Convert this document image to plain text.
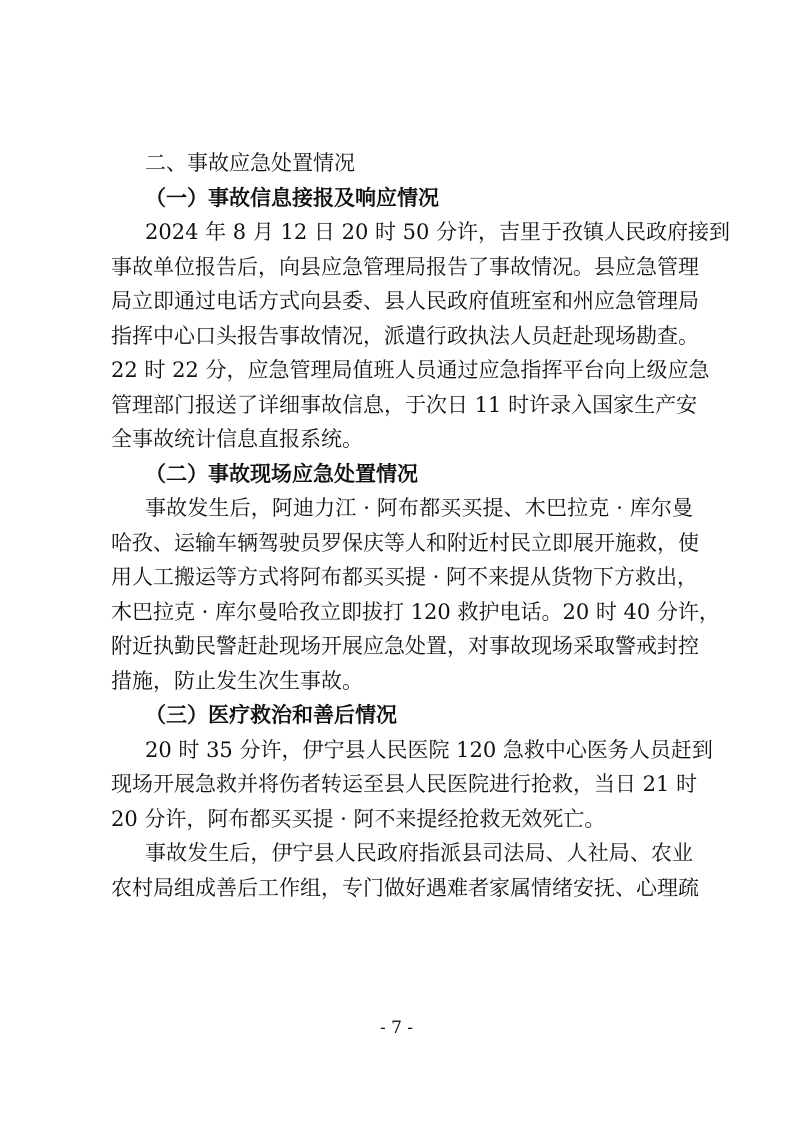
二、事故应急处置情况

（一）事故信息接报及响应情况

2024 年 8 月 12 日 20 时 50 分许，吉里于孜镇人民政府接到

事故单位报告后，向县应急管理局报告了事故情况。县应急管理

局立即通过电话方式向县委、县人民政府值班室和州应急管理局

指挥中心口头报告事故情况，派遣行政执法人员赶赴现场勘查。

22 时 22 分，应急管理局值班人员通过应急指挥平台向上级应急

管理部门报送了详细事故信息，于次日 11 时许录入国家生产安

全事故统计信息直报系统。

（二）事故现场应急处置情况

事故发生后，阿迪力江 · 阿布都买买提、木巴拉克 · 库尔曼

哈孜、运输车辆驾驶员罗保庆等人和附近村民立即展开施救，使

用人工搬运等方式将阿布都买买提 · 阿不来提从货物下方救出，

木巴拉克 · 库尔曼哈孜立即拔打 120 救护电话。20 时 40 分许，

附近执勤民警赶赴现场开展应急处置，对事故现场采取警戒封控

措施，防止发生次生事故。

（三）医疗救治和善后情况

20 时 35 分许，伊宁县人民医院 120 急救中心医务人员赶到

现场开展急救并将伤者转运至县人民医院进行抢救，当日 21 时

20 分许，阿布都买买提 · 阿不来提经抢救无效死亡。

事故发生后，伊宁县人民政府指派县司法局、人社局、农业

农村局组成善后工作组，专门做好遇难者家属情绪安抚、心理疏

- 7 -
